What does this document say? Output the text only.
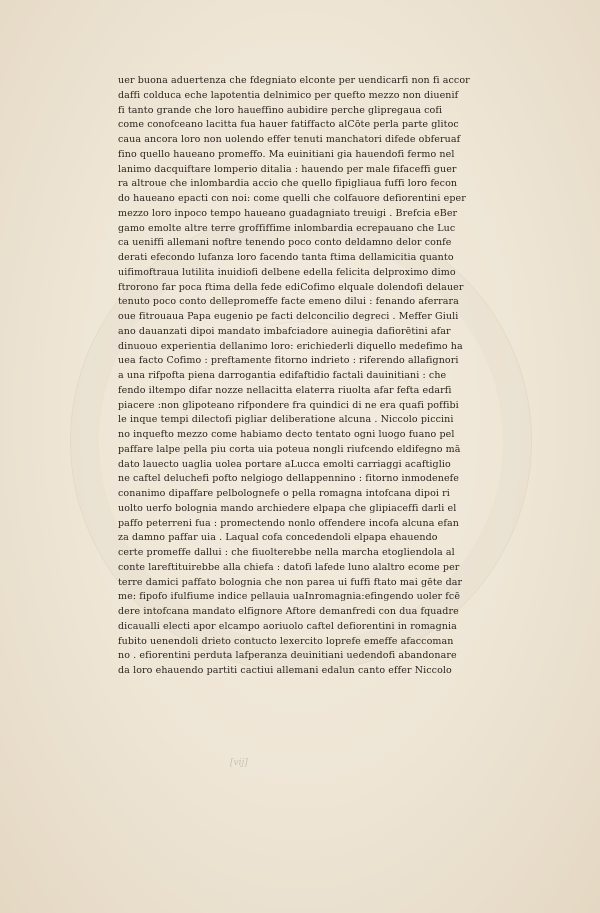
uer buona aduertenza che fdegniato elconte per uendicarfi non fi accor
daffi colduca eche lapotentia delnimico per quefto mezzo non diuenif
fi tanto grande che loro haueffino aubidire perche glipregaua cofi
come conofceano lacitta fua hauer fatiffacto alCōte perla parte glitoc
caua ancora loro non uolendo effer tenuti manchatori difede obferuaf
fino quello haueano promeffo. Ma euinitiani gia hauendofi fermo nel
lanimo dacquiftare lomperio ditalia : hauendo per male fifaceffi guer
ra altroue che inlombardia accio che quello fipigliaua fuffi loro fecon
do haueano epacti con noi: come quelli che colfauore defiorentini eper
mezzo loro inpoco tempo haueano guadagniato treuigi . Brefcia eBer
gamo emolte altre terre groffiffime inlombardia ecrepauano che Luc
ca ueniffi allemani noftre tenendo poco conto deldamno delor confe
derati efecondo lufanza loro facendo tanta ftima dellamicitia quanto
uifimoftraua lutilita inuidiofi delbene edella felicita delproximo dimo
ftrorono far poca ftima della fede ediCofimo elquale dolendofi delauer
tenuto poco conto dellepromeffe facte emeno dilui : fenando aferrara
oue fitrouaua Papa eugenio pe facti delconcilio degreci . Meffer Giuli
ano dauanzati dipoi mandato imbafciadore auinegia dafiorētini afar
dinuouo experientia dellanimo loro: erichiederli diquello medefimo ha
uea facto Cofimo : preftamente fitorno indrieto : riferendo allafignori
a una rifpofta piena darrogantia edifaftidio factali dauinitiani : che
fendo iltempo difar nozze nellacitta elaterra riuolta afar fefta edarfi
piacere :non glipoteano rifpondere fra quindici di ne era quafi poffibi
le inque tempi dilectofi pigliar deliberatione alcuna . Niccolo piccini
no inquefto mezzo come habiamo decto tentato ogni luogo fuano pel
paffare lalpe pella piu corta uia poteua nongli riufcendo eldifegno mā
dato lauecto uaglia uolea portare aLucca emolti carriaggi acaftiglio
ne caftel deluchefi pofto nelgiogo dellappennino : fitorno inmodenefe
conanimo dipaffare pelbolognefe o pella romagna intofcana dipoi ri
uolto uerfo bolognia mando archiedere elpapa che glipiaceffi darli el
paffo peterreni fua : promectendo nonlo offendere incofa alcuna efan
za damno paffar uia . Laqual cofa concedendoli elpapa ehauendo
certe promeffe dallui : che fiuolterebbe nella marcha etogliendola al
conte lareftituirebbe alla chiefa : datofi lafede luno alaltro ecome per
terre damici paffato bolognia che non parea ui fuffi ftato mai gēte dar
me: fipofo ifulfiume indice pellauia uaInromagnia:efingendo uoler fcē
dere intofcana mandato elfignore Aftore demanfredi con dua fquadre
dicaualli electi apor elcampo aoriuolo caftel defiorentini in romagnia
fubito uenendoli drieto contucto lexercito loprefe emeffe afaccoman
no . efiorentini perduta lafperanza deuinitiani uedendofi abandonare
da loro ehauendo partiti cactiui allemani edalun canto effer Niccolo
[vij]
